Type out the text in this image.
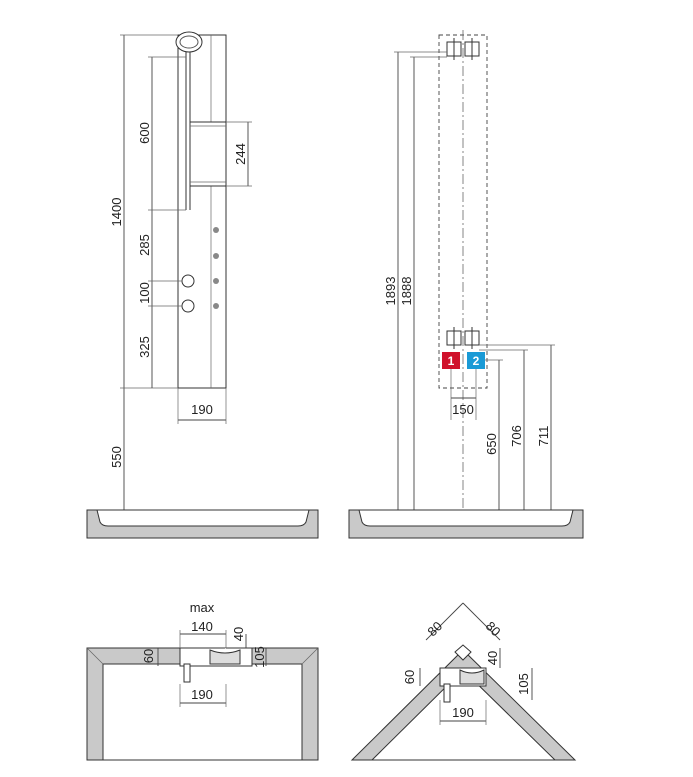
1400
600
244
285
100
325
190
550
1 2
1893 1888
150
650 706 711
max
140 40
60	105
190
80	80
40
60	105
190
